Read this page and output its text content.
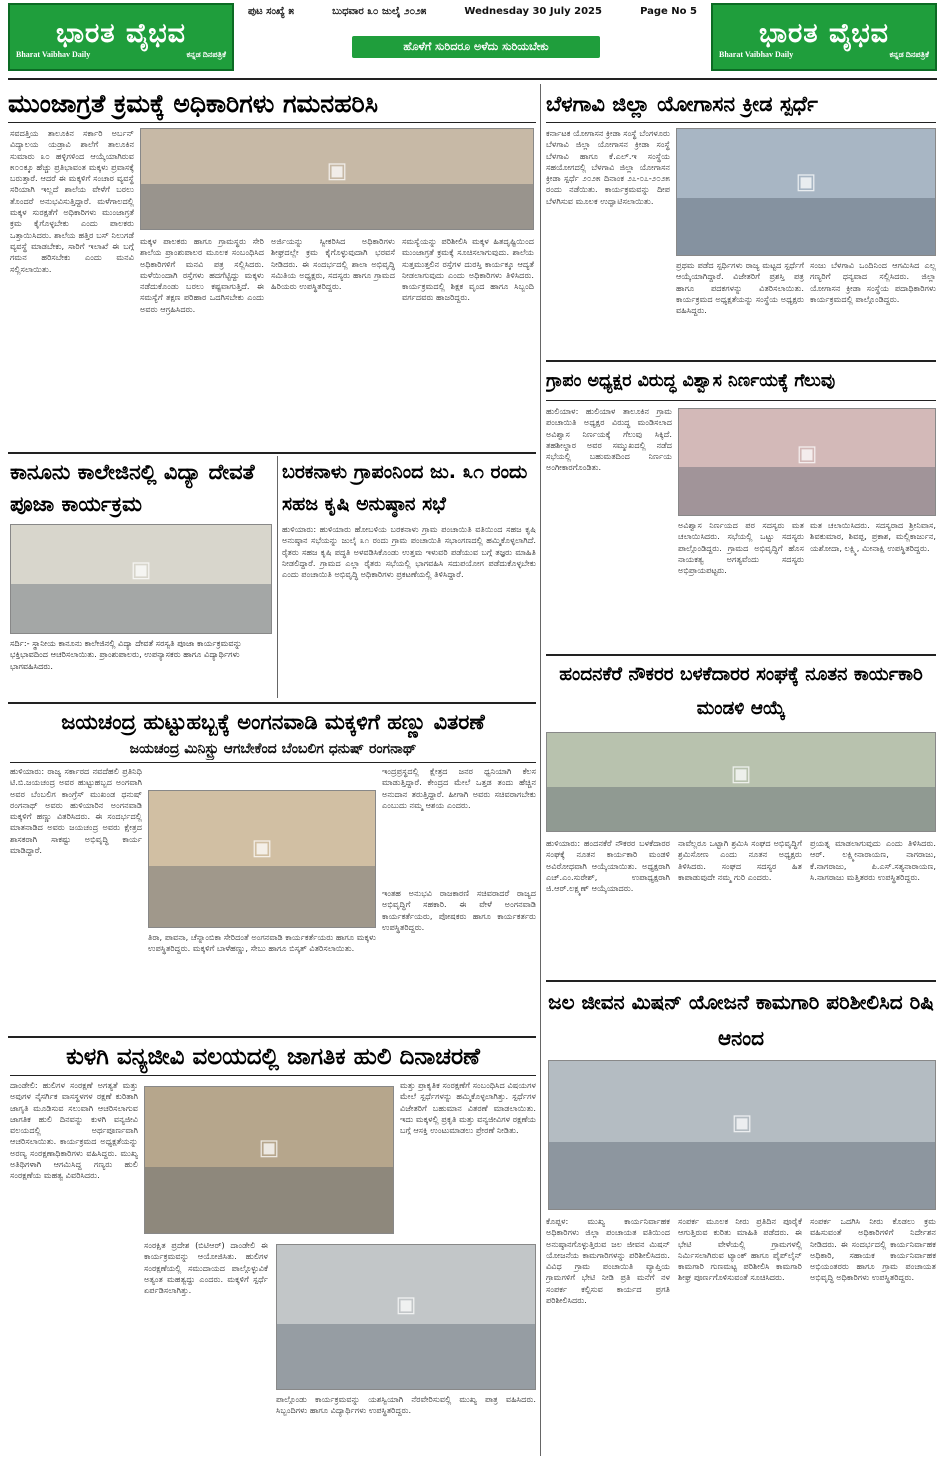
ಭಾರತ ವೈಭವ
Bharat Vaibhav Daily	ಕನ್ನಡ ದಿನಪತ್ರಿಕೆ
ಪುಟ ಸಂಖ್ಯೆ ೫	ಬುಧವಾರ ೩೦ ಜುಲೈ ೨೦೨೫	Wednesday 30 July 2025	Page No 5
ಹೊಳೆಗೆ ಸುರಿದರೂ ಅಳೆದು ಸುರಿಯಬೇಕು	ಭಾರತ ವೈಭವ
Bharat Vaibhav Daily	ಕನ್ನಡ ದಿನಪತ್ರಿಕೆ
ಮುಂಜಾಗ್ರತೆ ಕ್ರಮಕ್ಕೆ ಅಧಿಕಾರಿಗಳು ಗಮನಹರಿಸಿ
ಸವದತ್ತಿಯ ತಾಲೂಕಿನ ಸರ್ಕಾರಿ ಅರ್ಬನ್ ವಿದ್ಯಾಲಯ ಯಡ್ರಾವಿ ಶಾಲೆಗೆ ತಾಲೂಕಿನ ಸುಮಾರು ೩೦ ಹಳ್ಳಿಗಳಿಂದ ಆಯ್ಕೆಯಾಗಿರುವ ೫೦೦ಕ್ಕೂ ಹೆಚ್ಚು ಪ್ರತಿಭಾವಂತ ಮಕ್ಕಳು ಪ್ರವಾಸಕ್ಕೆ ಬರುತ್ತಾರೆ. ಆದರೆ ಈ ಮಕ್ಕಳಿಗೆ ಸಂಚಾರ ವ್ಯವಸ್ಥೆ ಸರಿಯಾಗಿ ಇಲ್ಲದೆ ಶಾಲೆಯ ವೇಳೆಗೆ ಬರಲು ತೊಂದರೆ ಅನುಭವಿಸುತ್ತಿದ್ದಾರೆ. ಮಳೆಗಾಲದಲ್ಲಿ ಮಕ್ಕಳ ಸುರಕ್ಷತೆಗೆ ಅಧಿಕಾರಿಗಳು ಮುಂಜಾಗ್ರತೆ ಕ್ರಮ ಕೈಗೊಳ್ಳಬೇಕು ಎಂದು ಪಾಲಕರು ಒತ್ತಾಯಿಸಿದರು. ಶಾಲೆಯ ಹತ್ತಿರ ಬಸ್ ನಿಲುಗಡೆ ವ್ಯವಸ್ಥೆ ಮಾಡಬೇಕು, ಸಾರಿಗೆ ಇಲಾಖೆ ಈ ಬಗ್ಗೆ ಗಮನ ಹರಿಸಬೇಕು ಎಂದು ಮನವಿ ಸಲ್ಲಿಸಲಾಯಿತು.
▣
ಮಕ್ಕಳ ಪಾಲಕರು ಹಾಗೂ ಗ್ರಾಮಸ್ಥರು ಸೇರಿ ಶಾಲೆಯ ಪ್ರಾಂಶುಪಾಲರ ಮೂಲಕ ಸಂಬಂಧಿಸಿದ ಅಧಿಕಾರಿಗಳಿಗೆ ಮನವಿ ಪತ್ರ ಸಲ್ಲಿಸಿದರು. ಮಳೆಯಿಂದಾಗಿ ರಸ್ತೆಗಳು ಹದಗೆಟ್ಟಿದ್ದು ಮಕ್ಕಳು ನಡೆದುಕೊಂಡು ಬರಲು ಕಷ್ಟವಾಗುತ್ತಿದೆ. ಈ ಸಮಸ್ಯೆಗೆ ತಕ್ಷಣ ಪರಿಹಾರ ಒದಗಿಸಬೇಕು ಎಂದು ಅವರು ಆಗ್ರಹಿಸಿದರು.
ಅರ್ಜಿಯನ್ನು ಸ್ವೀಕರಿಸಿದ ಅಧಿಕಾರಿಗಳು ಶೀಘ್ರದಲ್ಲೇ ಕ್ರಮ ಕೈಗೊಳ್ಳುವುದಾಗಿ ಭರವಸೆ ನೀಡಿದರು. ಈ ಸಂದರ್ಭದಲ್ಲಿ ಶಾಲಾ ಅಭಿವೃದ್ಧಿ ಸಮಿತಿಯ ಅಧ್ಯಕ್ಷರು, ಸದಸ್ಯರು ಹಾಗೂ ಗ್ರಾಮದ ಹಿರಿಯರು ಉಪಸ್ಥಿತರಿದ್ದರು.
ಸಮಸ್ಯೆಯನ್ನು ಪರಿಶೀಲಿಸಿ ಮಕ್ಕಳ ಹಿತದೃಷ್ಟಿಯಿಂದ ಮುಂಜಾಗ್ರತೆ ಕ್ರಮಕ್ಕೆ ಸೂಚಿಸಲಾಗುವುದು. ಶಾಲೆಯ ಸುತ್ತಮುತ್ತಲಿನ ರಸ್ತೆಗಳ ದುರಸ್ತಿ ಕಾರ್ಯಕ್ಕೂ ಆದ್ಯತೆ ನೀಡಲಾಗುವುದು ಎಂದು ಅಧಿಕಾರಿಗಳು ತಿಳಿಸಿದರು. ಕಾರ್ಯಕ್ರಮದಲ್ಲಿ ಶಿಕ್ಷಕ ವೃಂದ ಹಾಗೂ ಸಿಬ್ಬಂದಿ ವರ್ಗದವರು ಹಾಜರಿದ್ದರು.
ಕಾನೂನು ಕಾಲೇಜಿನಲ್ಲಿ ವಿದ್ಯಾ ದೇವತೆ ಪೂಜಾ ಕಾರ್ಯಕ್ರಮ
▣
ಸರ್ದಿ:- ಸ್ಥಾನೀಯ ಕಾನೂನು ಕಾಲೇಜಿನಲ್ಲಿ ವಿದ್ಯಾ ದೇವತೆ ಸರಸ್ವತಿ ಪೂಜಾ ಕಾರ್ಯಕ್ರಮವನ್ನು ಭಕ್ತಿಭಾವದಿಂದ ಆಚರಿಸಲಾಯಿತು. ಪ್ರಾಂಶುಪಾಲರು, ಉಪನ್ಯಾಸಕರು ಹಾಗೂ ವಿದ್ಯಾರ್ಥಿಗಳು ಭಾಗವಹಿಸಿದರು.
ಬರಕನಾಳು ಗ್ರಾಪಂನಿಂದ ಜು. ೩೧ ರಂದು ಸಹಜ ಕೃಷಿ ಅನುಷ್ಠಾನ ಸಭೆ
ಹುಳಿಯಾರು: ಹುಳಿಯಾರು ಹೋಬಳಿಯ ಬರಕನಾಳು ಗ್ರಾಮ ಪಂಚಾಯಿತಿ ವತಿಯಿಂದ ಸಹಜ ಕೃಷಿ ಅನುಷ್ಠಾನ ಸಭೆಯನ್ನು ಜುಲೈ ೩೧ ರಂದು ಗ್ರಾಮ ಪಂಚಾಯಿತಿ ಸಭಾಂಗಣದಲ್ಲಿ ಹಮ್ಮಿಕೊಳ್ಳಲಾಗಿದೆ. ರೈತರು ಸಹಜ ಕೃಷಿ ಪದ್ಧತಿ ಅಳವಡಿಸಿಕೊಂಡು ಉತ್ತಮ ಇಳುವರಿ ಪಡೆಯುವ ಬಗ್ಗೆ ತಜ್ಞರು ಮಾಹಿತಿ ನೀಡಲಿದ್ದಾರೆ. ಗ್ರಾಮದ ಎಲ್ಲಾ ರೈತರು ಸಭೆಯಲ್ಲಿ ಭಾಗವಹಿಸಿ ಸದುಪಯೋಗ ಪಡೆದುಕೊಳ್ಳಬೇಕು ಎಂದು ಪಂಚಾಯಿತಿ ಅಭಿವೃದ್ಧಿ ಅಧಿಕಾರಿಗಳು ಪ್ರಕಟಣೆಯಲ್ಲಿ ತಿಳಿಸಿದ್ದಾರೆ.
ಜಯಚಂದ್ರ ಹುಟ್ಟುಹಬ್ಬಕ್ಕೆ ಅಂಗನವಾಡಿ ಮಕ್ಕಳಿಗೆ ಹಣ್ಣು ವಿತರಣೆ
ಜಯಚಂದ್ರ ಮಿನಿಸ್ಟ್ರು ಆಗಬೇಕೆಂದ ಬೆಂಬಲಿಗ ಧನುಷ್ ರಂಗನಾಥ್
ಹುಳಿಯಾರು: ರಾಜ್ಯ ಸರ್ಕಾರದ ನವದೆಹಲಿ ಪ್ರತಿನಿಧಿ ಟಿ.ಬಿ.ಜಯಚಂದ್ರ ಅವರ ಹುಟ್ಟುಹಬ್ಬದ ಅಂಗವಾಗಿ ಅವರ ಬೆಂಬಲಿಗ ಕಾಂಗ್ರೆಸ್ ಮುಖಂಡ ಧನುಷ್ ರಂಗನಾಥ್ ಅವರು ಹುಳಿಯಾರಿನ ಅಂಗನವಾಡಿ ಮಕ್ಕಳಿಗೆ ಹಣ್ಣು ವಿತರಿಸಿದರು. ಈ ಸಂದರ್ಭದಲ್ಲಿ ಮಾತನಾಡಿದ ಅವರು ಜಯಚಂದ್ರ ಅವರು ಕ್ಷೇತ್ರದ ಶಾಸಕರಾಗಿ ಸಾಕಷ್ಟು ಅಭಿವೃದ್ಧಿ ಕಾರ್ಯ ಮಾಡಿದ್ದಾರೆ.	▣
ತಿರಾ, ಪಾವನಾ, ಚೆನ್ನಾಂಬಿಕಾ ಸೇರಿದಂತೆ ಅಂಗನವಾಡಿ ಕಾರ್ಯಕರ್ತೆಯರು ಹಾಗೂ ಮಕ್ಕಳು ಉಪಸ್ಥಿತರಿದ್ದರು. ಮಕ್ಕಳಿಗೆ ಬಾಳೆಹಣ್ಣು, ಸೇಬು ಹಾಗೂ ಬಿಸ್ಕತ್ ವಿತರಿಸಲಾಯಿತು.
ಇಂದ್ರಪ್ರಸ್ಥದಲ್ಲಿ ಕ್ಷೇತ್ರದ ಜನರ ಧ್ವನಿಯಾಗಿ ಕೆಲಸ ಮಾಡುತ್ತಿದ್ದಾರೆ. ಕೇಂದ್ರದ ಮೇಲೆ ಒತ್ತಡ ತಂದು ಹೆಚ್ಚಿನ ಅನುದಾನ ತರುತ್ತಿದ್ದಾರೆ. ಹೀಗಾಗಿ ಅವರು ಸಚಿವರಾಗಬೇಕು ಎಂಬುದು ನಮ್ಮ ಆಶಯ ಎಂದರು.
ಇಂತಹ ಅನುಭವಿ ರಾಜಕಾರಣಿ ಸಚಿವರಾದರೆ ರಾಜ್ಯದ ಅಭಿವೃದ್ಧಿಗೆ ಸಹಕಾರಿ. ಈ ವೇಳೆ ಅಂಗನವಾಡಿ ಕಾರ್ಯಕರ್ತೆಯರು, ಪೋಷಕರು ಹಾಗೂ ಕಾರ್ಯಕರ್ತರು ಉಪಸ್ಥಿತರಿದ್ದರು.
ಕುಳಗಿ ವನ್ಯಜೀವಿ ವಲಯದಲ್ಲಿ ಜಾಗತಿಕ ಹುಲಿ ದಿನಾಚರಣೆ
ದಾಂಡೇಲಿ: ಹುಲಿಗಳ ಸಂರಕ್ಷಣೆ ಅಗತ್ಯತೆ ಮತ್ತು ಅವುಗಳ ನೈಸರ್ಗಿಕ ವಾಸಸ್ಥಳಗಳ ರಕ್ಷಣೆ ಕುರಿತಾಗಿ ಜಾಗೃತಿ ಮೂಡಿಸುವ ಸಲುವಾಗಿ ಆಚರಿಸಲಾಗುವ ಜಾಗತಿಕ ಹುಲಿ ದಿನವನ್ನು ಕುಳಗಿ ವನ್ಯಜೀವಿ ವಲಯದಲ್ಲಿ ಅರ್ಥಪೂರ್ಣವಾಗಿ ಆಚರಿಸಲಾಯಿತು. ಕಾರ್ಯಕ್ರಮದ ಅಧ್ಯಕ್ಷತೆಯನ್ನು ಅರಣ್ಯ ಸಂರಕ್ಷಣಾಧಿಕಾರಿಗಳು ವಹಿಸಿದ್ದರು. ಮುಖ್ಯ ಅತಿಥಿಗಳಾಗಿ ಆಗಮಿಸಿದ್ದ ಗಣ್ಯರು ಹುಲಿ ಸಂರಕ್ಷಣೆಯ ಮಹತ್ವ ವಿವರಿಸಿದರು.
▣
ಮತ್ತು ಪ್ರಾಕೃತಿಕ ಸಂರಕ್ಷಣೆಗೆ ಸಂಬಂಧಿಸಿದ ವಿಷಯಗಳ ಮೇಲೆ ಸ್ಪರ್ಧೆಗಳನ್ನು ಹಮ್ಮಿಕೊಳ್ಳಲಾಗಿತ್ತು. ಸ್ಪರ್ಧೆಗಳ ವಿಜೇತರಿಗೆ ಬಹುಮಾನ ವಿತರಣೆ ಮಾಡಲಾಯಿತು. ಇದು ಮಕ್ಕಳಲ್ಲಿ ಪ್ರಕೃತಿ ಮತ್ತು ವನ್ಯಜೀವಿಗಳ ರಕ್ಷಣೆಯ ಬಗ್ಗೆ ಆಸಕ್ತಿ ಉಂಟುಮಾಡಲು ಪ್ರೇರಣೆ ನೀಡಿತು.
ಸಂರಕ್ಷಿತ ಪ್ರದೇಶ (ಬಿಟಿಆರ್) ದಾಂಡೇಲಿ ಈ ಕಾರ್ಯಕ್ರಮವನ್ನು ಆಯೋಜಿಸಿತು. ಹುಲಿಗಳ ಸಂರಕ್ಷಣೆಯಲ್ಲಿ ಸಮುದಾಯದ ಪಾಲ್ಗೊಳ್ಳುವಿಕೆ ಅತ್ಯಂತ ಮಹತ್ವದ್ದು ಎಂದರು. ಮಕ್ಕಳಿಗೆ ಸ್ಪರ್ಧೆ ಏರ್ಪಡಿಸಲಾಗಿತ್ತು.
▣
ಪಾಲ್ಗೊಂಡು ಕಾರ್ಯಕ್ರಮವನ್ನು ಯಶಸ್ವಿಯಾಗಿ ನೆರವೇರಿಸುವಲ್ಲಿ ಮುಖ್ಯ ಪಾತ್ರ ವಹಿಸಿದರು. ಸಿಬ್ಬಂದಿಗಳು ಹಾಗೂ ವಿದ್ಯಾರ್ಥಿಗಳು ಉಪಸ್ಥಿತರಿದ್ದರು.
ಬೆಳಗಾವಿ ಜಿಲ್ಲಾ ಯೋಗಾಸನ ಕ್ರೀಡ ಸ್ಪರ್ಧೆ
ಕರ್ನಾಟಕ ಯೋಗಾಸನ ಕ್ರೀಡಾ ಸಂಸ್ಥೆ ಬೆಂಗಳೂರು ಬೆಳಗಾವಿ ಜಿಲ್ಲಾ ಯೋಗಾಸನ ಕ್ರೀಡಾ ಸಂಸ್ಥೆ ಬೆಳಗಾವಿ ಹಾಗೂ ಕೆ.ಎಲ್.ಇ ಸಂಸ್ಥೆಯ ಸಹಯೋಗದಲ್ಲಿ ಬೆಳಗಾವಿ ಜಿಲ್ಲಾ ಯೋಗಾಸನ ಕ್ರೀಡಾ ಸ್ಪರ್ಧೆ ೨೦೨೫ ದಿನಾಂಕ ೨೭-೦೭-೨೦೨೫ ರಂದು ನಡೆಯಿತು. ಕಾರ್ಯಕ್ರಮವನ್ನು ದೀಪ ಬೆಳಗಿಸುವ ಮೂಲಕ ಉದ್ಘಾಟಿಸಲಾಯಿತು.
▣
ಪ್ರಥಮ ಪಡೆದ ಸ್ಪರ್ಧಿಗಳು ರಾಜ್ಯ ಮಟ್ಟದ ಸ್ಪರ್ಧೆಗೆ ಆಯ್ಕೆಯಾಗಿದ್ದಾರೆ. ವಿಜೇತರಿಗೆ ಪ್ರಶಸ್ತಿ ಪತ್ರ ಹಾಗೂ ಪದಕಗಳನ್ನು ವಿತರಿಸಲಾಯಿತು. ಕಾರ್ಯಕ್ರಮದ ಅಧ್ಯಕ್ಷತೆಯನ್ನು ಸಂಸ್ಥೆಯ ಅಧ್ಯಕ್ಷರು ವಹಿಸಿದ್ದರು.
ಸಂಜು ಬೆಳಗಾವಿ ಒಂದಿನಿಂದ ಆಗಮಿಸಿದ ಎಲ್ಲ ಗಣ್ಯರಿಗೆ ಧನ್ಯವಾದ ಸಲ್ಲಿಸಿದರು. ಜಿಲ್ಲಾ ಯೋಗಾಸನ ಕ್ರೀಡಾ ಸಂಸ್ಥೆಯ ಪದಾಧಿಕಾರಿಗಳು ಕಾರ್ಯಕ್ರಮದಲ್ಲಿ ಪಾಲ್ಗೊಂಡಿದ್ದರು.
ಗ್ರಾಪಂ ಅಧ್ಯಕ್ಷರ ವಿರುದ್ಧ ವಿಶ್ವಾಸ ನಿರ್ಣಯಕ್ಕೆ ಗೆಲುವು
ಹುಲಿಯಾಳ: ಹುಲಿಯಾಳ ತಾಲೂಕಿನ ಗ್ರಾಮ ಪಂಚಾಯಿತಿ ಅಧ್ಯಕ್ಷರ ವಿರುದ್ಧ ಮಂಡಿಸಲಾದ ಅವಿಶ್ವಾಸ ನಿರ್ಣಯಕ್ಕೆ ಗೆಲುವು ಸಿಕ್ಕಿದೆ. ತಹಶೀಲ್ದಾರ ಅವರ ಸಮ್ಮುಖದಲ್ಲಿ ನಡೆದ ಸಭೆಯಲ್ಲಿ ಬಹುಮತದಿಂದ ನಿರ್ಣಯ ಅಂಗೀಕಾರಗೊಂಡಿತು.
▣
ಅವಿಶ್ವಾಸ ನಿರ್ಣಯದ ಪರ ಸದಸ್ಯರು ಮತ ಚಲಾಯಿಸಿದರು. ಸಭೆಯಲ್ಲಿ ಒಟ್ಟು ಸದಸ್ಯರು ಪಾಲ್ಗೊಂಡಿದ್ದರು. ಗ್ರಾಮದ ಅಭಿವೃದ್ಧಿಗೆ ಹೊಸ ನಾಯಕತ್ವ ಅಗತ್ಯವೆಂದು ಸದಸ್ಯರು ಅಭಿಪ್ರಾಯಪಟ್ಟರು.
ಮತ ಚಲಾಯಿಸಿದರು. ಸದಸ್ಯರಾದ ಶ್ರೀನಿವಾಸ, ಶಿವಕುಮಾರ, ಶಿವಪ್ಪ, ಪ್ರಕಾಶ, ಮಲ್ಲಿಕಾರ್ಜುನ, ಯಶೋದಾ, ಲಕ್ಷ್ಮಿ, ಮೀನಾಕ್ಷಿ ಉಪಸ್ಥಿತರಿದ್ದರು.
ಹಂದನಕೆರೆ ನೌಕರರ ಬಳಕೆದಾರರ ಸಂಘಕ್ಕೆ ನೂತನ ಕಾರ್ಯಕಾರಿ ಮಂಡಳಿ ಆಯ್ಕೆ
▣
ಹುಳಿಯಾರು: ಹಂದನಕೆರೆ ನೌಕರರ ಬಳಕೆದಾರರ ಸಂಘಕ್ಕೆ ನೂತನ ಕಾರ್ಯಕಾರಿ ಮಂಡಳಿ ಅವಿರೋಧವಾಗಿ ಆಯ್ಕೆಯಾಯಿತು. ಅಧ್ಯಕ್ಷರಾಗಿ ಎಚ್.ಎಂ.ಸುರೇಶ್, ಉಪಾಧ್ಯಕ್ಷರಾಗಿ ಜಿ.ಆರ್.ಲಕ್ಷ್ಮಣ್ ಆಯ್ಕೆಯಾದರು.
ನಾವೆಲ್ಲರೂ ಒಟ್ಟಾಗಿ ಶ್ರಮಿಸಿ ಸಂಘದ ಅಭಿವೃದ್ಧಿಗೆ ಶ್ರಮಿಸೋಣ ಎಂದು ನೂತನ ಅಧ್ಯಕ್ಷರು ತಿಳಿಸಿದರು. ಸಂಘದ ಸದಸ್ಯರ ಹಿತ ಕಾಪಾಡುವುದೇ ನಮ್ಮ ಗುರಿ ಎಂದರು.
ಪ್ರಯತ್ನ ಮಾಡಲಾಗುವುದು ಎಂದು ತಿಳಿಸಿದರು. ಆರ್. ಲಕ್ಷ್ಮೀನಾರಾಯಣ, ನಾಗರಾಜು, ಕೆ.ನಾಗರಾಜು, ಪಿ.ಎಸ್.ಸತ್ಯನಾರಾಯಣ, ಸಿ.ನಾಗರಾಜು ಮತ್ತಿತರರು ಉಪಸ್ಥಿತರಿದ್ದರು.
ಜಲ ಜೀವನ ಮಿಷನ್ ಯೋಜನೆ ಕಾಮಗಾರಿ ಪರಿಶೀಲಿಸಿದ ರಿಷಿ ಆನಂದ
▣
ಕೊಪ್ಪಳ: ಮುಖ್ಯ ಕಾರ್ಯನಿರ್ವಾಹಕ ಅಧಿಕಾರಿಗಳು ಜಿಲ್ಲಾ ಪಂಚಾಯತ ವತಿಯಿಂದ ಅನುಷ್ಠಾನಗೊಳ್ಳುತ್ತಿರುವ ಜಲ ಜೀವನ ಮಿಷನ್ ಯೋಜನೆಯ ಕಾಮಗಾರಿಗಳನ್ನು ಪರಿಶೀಲಿಸಿದರು. ವಿವಿಧ ಗ್ರಾಮ ಪಂಚಾಯಿತಿ ವ್ಯಾಪ್ತಿಯ ಗ್ರಾಮಗಳಿಗೆ ಭೇಟಿ ನೀಡಿ ಪ್ರತಿ ಮನೆಗೆ ನಳ ಸಂಪರ್ಕ ಕಲ್ಪಿಸುವ ಕಾರ್ಯದ ಪ್ರಗತಿ ಪರಿಶೀಲಿಸಿದರು.
ಸಂಪರ್ಕ ಮೂಲಕ ನೀರು ಪ್ರತಿದಿನ ಪೂರೈಕೆ ಆಗುತ್ತಿರುವ ಕುರಿತು ಮಾಹಿತಿ ಪಡೆದರು. ಈ ಭೇಟಿ ವೇಳೆಯಲ್ಲಿ ಗ್ರಾಮಗಳಲ್ಲಿ ನಿರ್ಮಿಸಲಾಗಿರುವ ಟ್ಯಾಂಕ್ ಹಾಗೂ ಪೈಪ್‌ಲೈನ್ ಕಾಮಗಾರಿ ಗುಣಮಟ್ಟ ಪರಿಶೀಲಿಸಿ ಕಾಮಗಾರಿ ಶೀಘ್ರ ಪೂರ್ಣಗೊಳಿಸುವಂತೆ ಸೂಚಿಸಿದರು.
ಸಂಪರ್ಕ ಒದಗಿಸಿ ನೀರು ಕೊಡಲು ಕ್ರಮ ವಹಿಸುವಂತೆ ಅಧಿಕಾರಿಗಳಿಗೆ ನಿರ್ದೇಶನ ನೀಡಿದರು. ಈ ಸಂದರ್ಭದಲ್ಲಿ ಕಾರ್ಯನಿರ್ವಾಹಕ ಅಧಿಕಾರಿ, ಸಹಾಯಕ ಕಾರ್ಯನಿರ್ವಾಹಕ ಅಭಿಯಂತರರು ಹಾಗೂ ಗ್ರಾಮ ಪಂಚಾಯತ ಅಭಿವೃದ್ಧಿ ಅಧಿಕಾರಿಗಳು ಉಪಸ್ಥಿತರಿದ್ದರು.
